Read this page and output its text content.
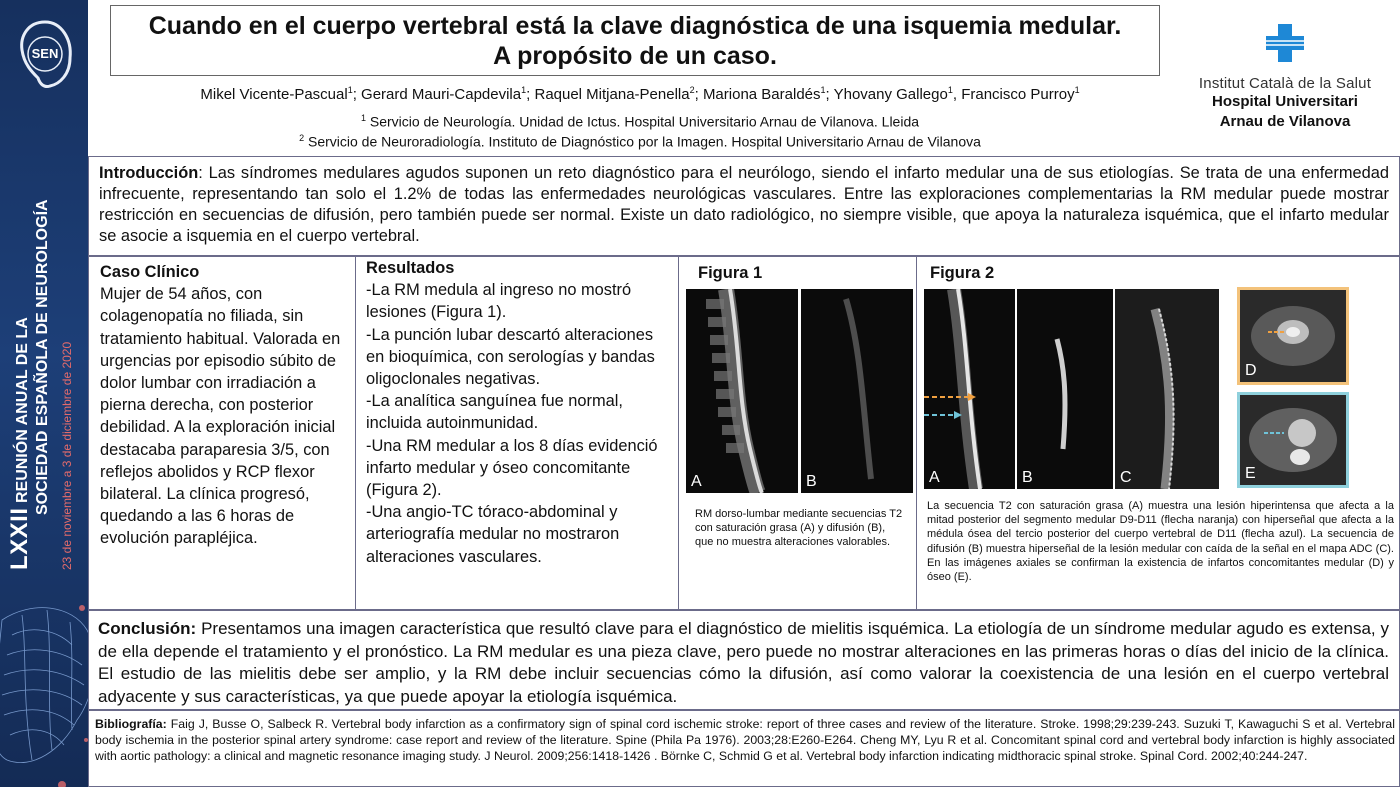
SEN
LXXII REUNIÓN ANUAL DE LA SOCIEDAD ESPAÑOLA DE NEUROLOGÍA 23 de noviembre a 3 de diciembre de 2020
Cuando en el cuerpo vertebral está la clave diagnóstica de una isquemia medular.
A propósito de un caso.
Mikel Vicente-Pascual$^1$; Gerard Mauri-Capdevila$^1$; Raquel Mitjana-Penella$^2$; Mariona Baraldés$^1$; Yhovany Gallego$^1$, Francisco Purroy$^1$
$^1$ Servicio de Neurología. Unidad de Ictus. Hospital Universitario Arnau de Vilanova. Lleida
$^2$ Servicio de Neuroradiología. Instituto de Diagnóstico por la Imagen. Hospital Universitario Arnau de Vilanova
Institut Català de la Salut
Hospital Universitari
Arnau de Vilanova
Introducción: Las síndromes medulares agudos suponen un reto diagnóstico para el neurólogo, siendo el infarto medular una de sus etiologías. Se trata de una enfermedad infrecuente, representando tan solo el 1.2% de todas las enfermedades neurológicas vasculares. Entre las exploraciones complementarias la RM medular puede mostrar restricción en secuencias de difusión, pero también puede ser normal. Existe un dato radiológico, no siempre visible, que apoya la naturaleza isquémica, que el infarto medular se asocie a isquemia en el cuerpo vertebral.
Caso Clínico
Mujer de 54 años, con colagenopatía no filiada, sin tratamiento habitual. Valorada en urgencias por episodio súbito de dolor lumbar con irradiación a pierna derecha, con posterior debilidad. A la exploración inicial destacaba paraparesia 3/5, con reflejos abolidos y RCP flexor bilateral. La clínica progresó, quedando a las 6 horas de evolución parapléjica.
Resultados
-La RM medula al ingreso no mostró lesiones (Figura 1).
-La punción lubar descartó alteraciones en bioquímica, con serologías y bandas oligoclonales negativas.
-La analítica sanguínea fue normal, incluida autoinmunidad.
-Una RM medular a los 8 días evidenció infarto medular y óseo concomitante (Figura 2).
-Una angio-TC tóraco-abdominal y arteriografía medular no mostraron alteraciones vasculares.
Figura 1
A	B
RM dorso-lumbar mediante secuencias T2 con saturación grasa (A) y difusión (B), que no muestra alteraciones valorables.
Figura 2
A	B	C
D
E
La secuencia T2 con saturación grasa (A) muestra una lesión hiperintensa que afecta a la mitad posterior del segmento medular D9-D11 (flecha naranja) con hiperseñal que afecta a la médula ósea del tercio posterior del cuerpo vertebral de D11 (flecha azul). La secuencia de difusión (B) muestra hiperseñal de la lesión medular con caída de la señal en el mapa ADC (C). En las imágenes axiales se confirman la existencia de infartos concomitantes medular (D) y óseo (E).
Conclusión: Presentamos una imagen característica que resultó clave para el diagnóstico de mielitis isquémica. La etiología de un síndrome medular agudo es extensa, y de ella depende el tratamiento y el pronóstico. La RM medular es una pieza clave, pero puede no mostrar alteraciones en las primeras horas o días del inicio de la clínica. El estudio de las mielitis debe ser amplio, y la RM debe incluir secuencias cómo la difusión, así como valorar la coexistencia de una lesión en el cuerpo vertebral adyacente y sus características, ya que puede apoyar la etiología isquémica.
Bibliografía: Faig J, Busse O, Salbeck R. Vertebral body infarction as a confirmatory sign of spinal cord ischemic stroke: report of three cases and review of the literature. Stroke. 1998;29:239-243. Suzuki T, Kawaguchi S et al. Vertebral body ischemia in the posterior spinal artery syndrome: case report and review of the literature. Spine (Phila Pa 1976). 2003;28:E260-E264. Cheng MY, Lyu R et al. Concomitant spinal cord and vertebral body infarction is highly associated with aortic pathology: a clinical and magnetic resonance imaging study. J Neurol. 2009;256:1418-1426 . Börnke C, Schmid G et al. Vertebral body infarction indicating midthoracic spinal stroke. Spinal Cord. 2002;40:244-247.
